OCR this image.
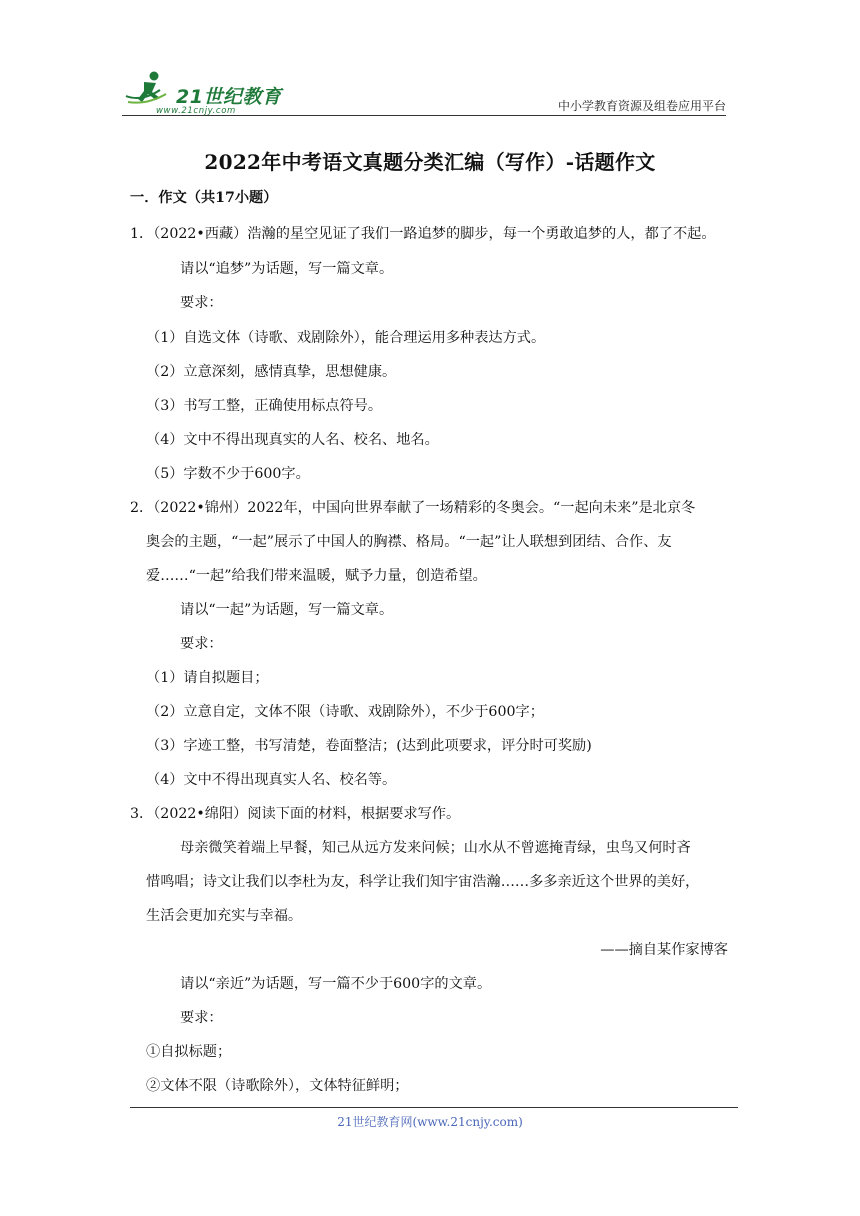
21世纪教育
www.21cnjy.com	中小学教育资源及组卷应用平台
2022年中考语文真题分类汇编（写作）-话题作文
一．作文（共17小题）
1．（2022•西藏）浩瀚的星空见证了我们一路追梦的脚步，每一个勇敢追梦的人，都了不起。
请以“追梦”为话题，写一篇文章。
要求：
（1）自选文体（诗歌、戏剧除外），能合理运用多种表达方式。
（2）立意深刻，感情真挚，思想健康。
（3）书写工整，正确使用标点符号。
（4）文中不得出现真实的人名、校名、地名。
（5）字数不少于600字。
2．（2022•锦州）2022年，中国向世界奉献了一场精彩的冬奥会。“一起向未来”是北京冬
奥会的主题，“一起”展示了中国人的胸襟、格局。“一起”让人联想到团结、合作、友
爱……“一起”给我们带来温暖，赋予力量，创造希望。
请以“一起”为话题，写一篇文章。
要求：
（1）请自拟题目；
（2）立意自定，文体不限（诗歌、戏剧除外），不少于600字；
（3）字迹工整，书写清楚，卷面整洁；(达到此项要求，评分时可奖励)
（4）文中不得出现真实人名、校名等。
3．（2022•绵阳）阅读下面的材料，根据要求写作。
母亲微笑着端上早餐，知己从远方发来问候；山水从不曾遮掩青绿，虫鸟又何时吝
惜鸣唱；诗文让我们以李杜为友，科学让我们知宇宙浩瀚……多多亲近这个世界的美好，
生活会更加充实与幸福。
——摘自某作家博客
请以“亲近”为话题，写一篇不少于600字的文章。
要求：
①自拟标题；
②文体不限（诗歌除外），文体特征鲜明；
21世纪教育网(www.21cnjy.com)
